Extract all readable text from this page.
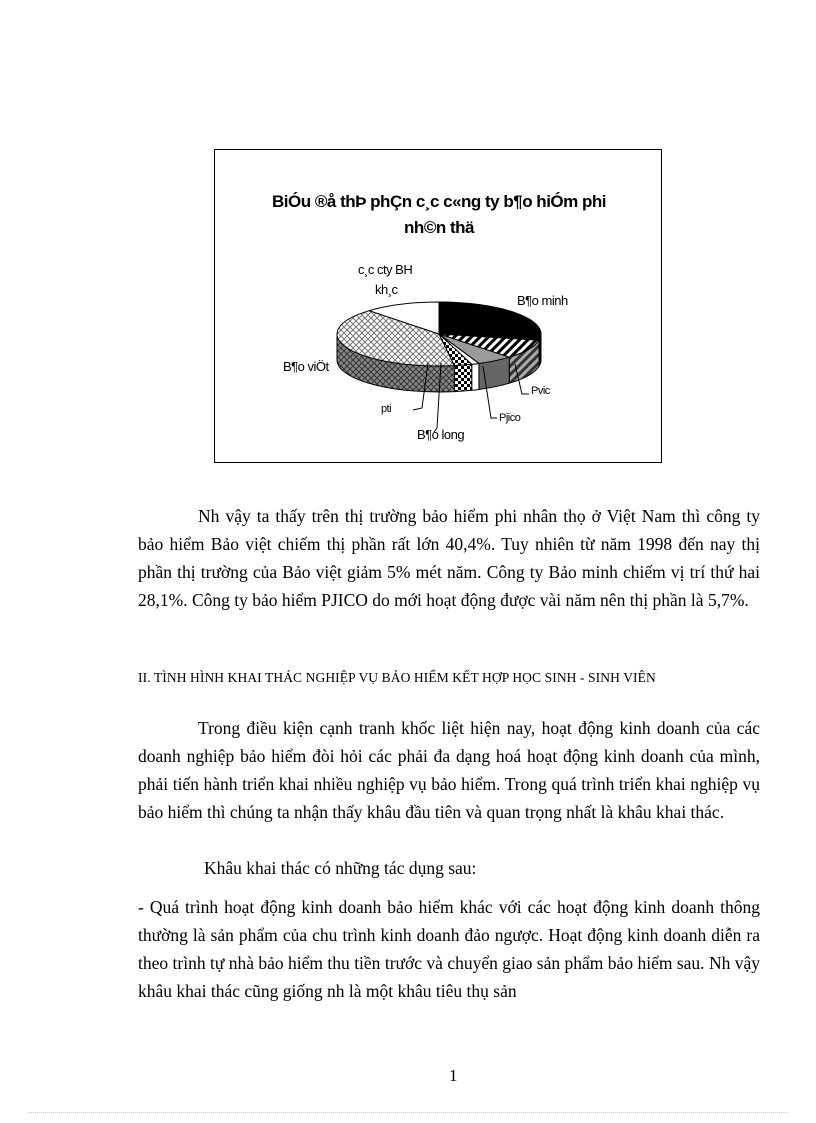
BiÓu ®å thÞ phÇn c¸c c«ng ty b¶o hiÓm phi
nh©n thä
c¸c cty BH
kh¸c
B¶o minh
B¶o viÖt
Pvic
Pjico
pti
B¶o long
Nh vậy ta thấy trên thị trường bảo hiểm phi nhân thọ ở Việt Nam thì công ty bảo hiểm Bảo việt chiếm thị phần rất lớn 40,4%. Tuy nhiên từ năm 1998 đến nay thị phần thị trường của Bảo việt giảm 5% mét năm. Công ty Bảo minh chiếm vị trí thứ hai 28,1%. Công ty bảo hiểm PJICO do mới hoạt động được vài năm nên thị phần là 5,7%.
II. TÌNH HÌNH KHAI THÁC NGHIỆP VỤ BẢO HIỂM KẾT HỢP HỌC SINH - SINH VIÊN
Trong điều kiện cạnh tranh khốc liệt hiện nay, hoạt động kinh doanh của các doanh nghiệp bảo hiểm đòi hỏi các phải đa dạng hoá hoạt động kinh doanh của mình, phải tiến hành triển khai nhiều nghiệp vụ bảo hiểm. Trong quá trình triển khai nghiệp vụ bảo hiểm thì chúng ta nhận thấy khâu đầu tiên và quan trọng nhất là khâu khai thác.
Khâu khai thác có những tác dụng sau:
- Quá trình hoạt động kinh doanh bảo hiểm khác với các hoạt động kinh doanh thông thường là sản phẩm của chu trình kinh doanh đảo ngược. Hoạt động kinh doanh diễn ra theo trình tự nhà bảo hiểm thu tiền trước và chuyển giao sản phẩm bảo hiểm sau. Nh vậy khâu khai thác cũng giống nh là một khâu tiêu thụ sản
1
